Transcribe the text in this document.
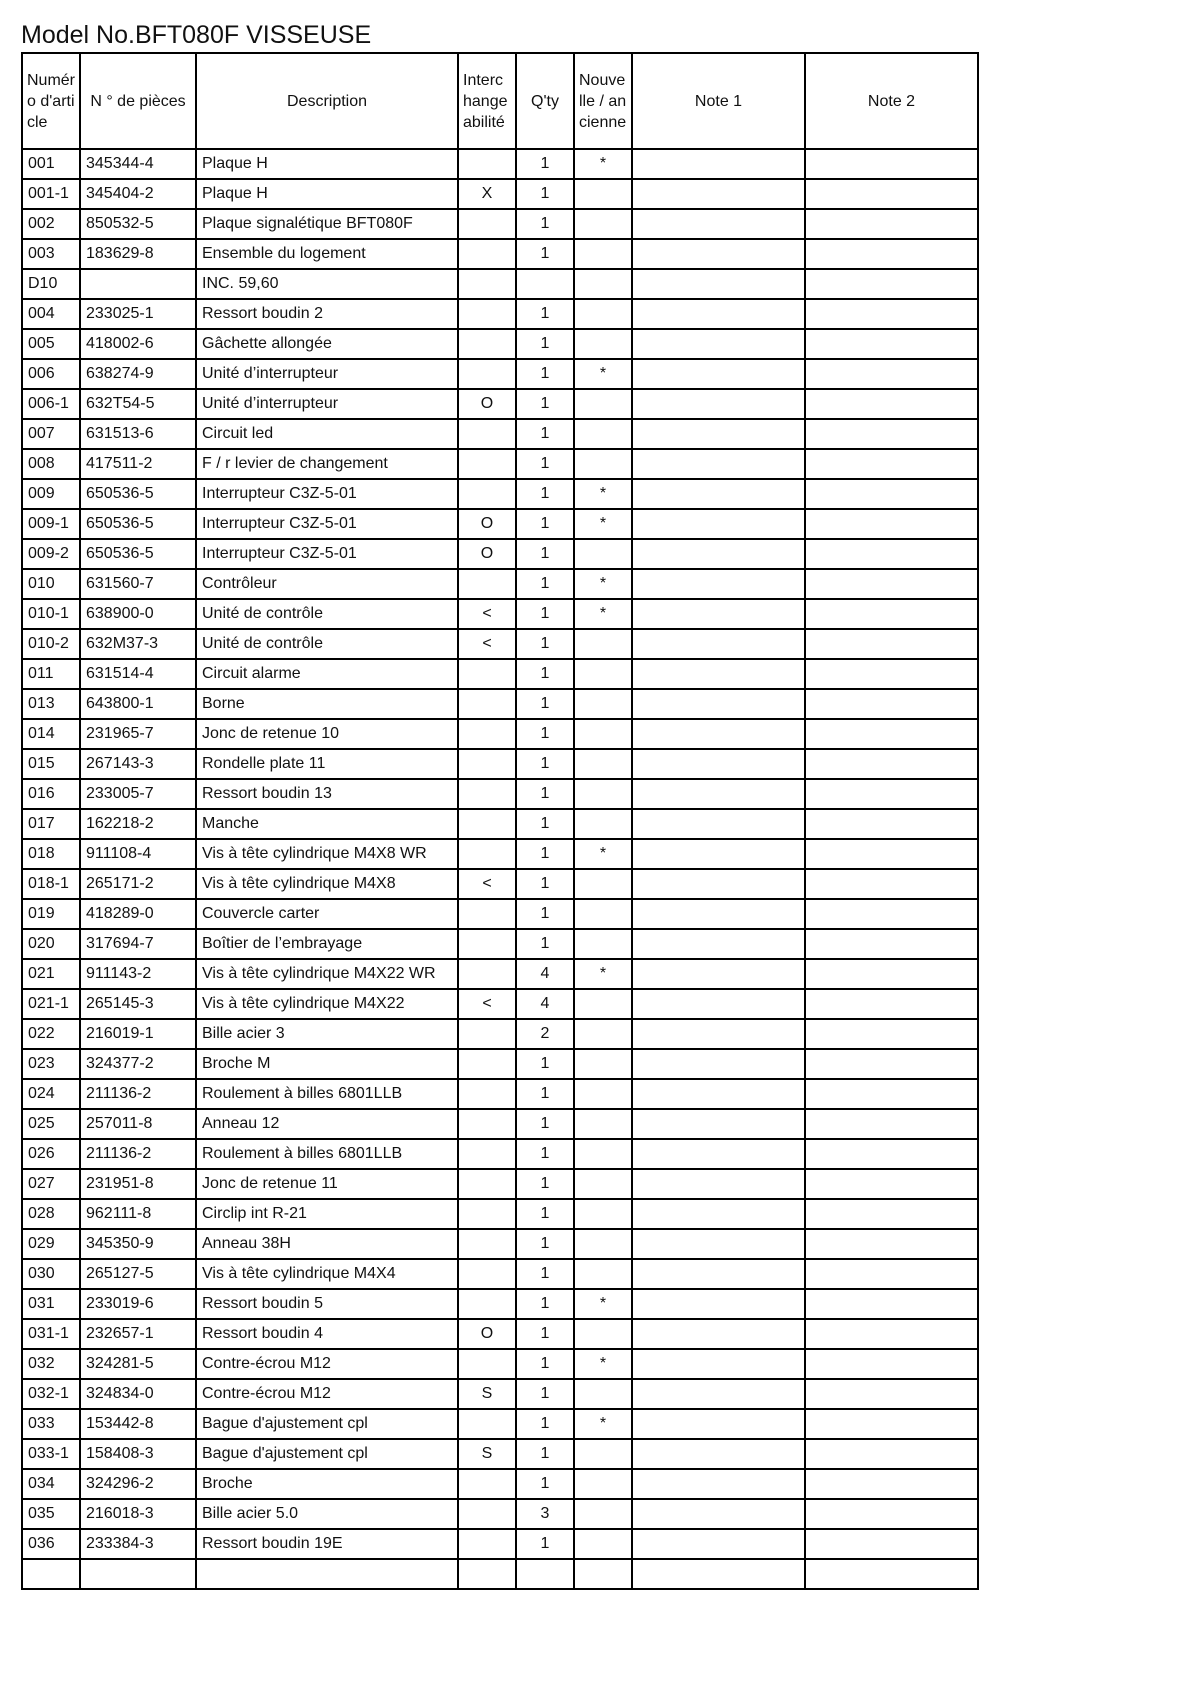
Model No.BFT080F VISSEUSE
Numéro d'article	N ° de pièces	Description	Interchangeabilité	Q'ty	Nouvelle / ancienne	Note 1	Note 2
001	345344-4	Plaque H		1	*		
001-1	345404-2	Plaque H	X	1			
002	850532-5	Plaque signalétique BFT080F		1			
003	183629-8	Ensemble du logement		1			
D10		INC. 59,60					
004	233025-1	Ressort boudin 2		1			
005	418002-6	Gâchette allongée		1			
006	638274-9	Unité d’interrupteur		1	*		
006-1	632T54-5	Unité d’interrupteur	O	1			
007	631513-6	Circuit led		1			
008	417511-2	F / r levier de changement		1			
009	650536-5	Interrupteur C3Z-5-01		1	*		
009-1	650536-5	Interrupteur C3Z-5-01	O	1	*		
009-2	650536-5	Interrupteur C3Z-5-01	O	1			
010	631560-7	Contrôleur		1	*		
010-1	638900-0	Unité de contrôle	<	1	*		
010-2	632M37-3	Unité de contrôle	<	1			
011	631514-4	Circuit alarme		1			
013	643800-1	Borne		1			
014	231965-7	Jonc de retenue 10		1			
015	267143-3	Rondelle plate 11		1			
016	233005-7	Ressort boudin 13		1			
017	162218-2	Manche		1			
018	911108-4	Vis à tête cylindrique M4X8 WR		1	*		
018-1	265171-2	Vis à tête cylindrique M4X8	<	1			
019	418289-0	Couvercle carter		1			
020	317694-7	Boîtier de l’embrayage		1			
021	911143-2	Vis à tête cylindrique M4X22 WR		4	*		
021-1	265145-3	Vis à tête cylindrique M4X22	<	4			
022	216019-1	Bille acier 3		2			
023	324377-2	Broche M		1			
024	211136-2	Roulement à billes 6801LLB		1			
025	257011-8	Anneau 12		1			
026	211136-2	Roulement à billes 6801LLB		1			
027	231951-8	Jonc de retenue 11		1			
028	962111-8	Circlip int R-21		1			
029	345350-9	Anneau 38H		1			
030	265127-5	Vis à tête cylindrique M4X4		1			
031	233019-6	Ressort boudin 5		1	*		
031-1	232657-1	Ressort boudin 4	O	1			
032	324281-5	Contre-écrou M12		1	*		
032-1	324834-0	Contre-écrou M12	S	1			
033	153442-8	Bague d'ajustement cpl		1	*		
033-1	158408-3	Bague d'ajustement cpl	S	1			
034	324296-2	Broche		1			
035	216018-3	Bille acier 5.0		3			
036	233384-3	Ressort boudin 19E		1			
